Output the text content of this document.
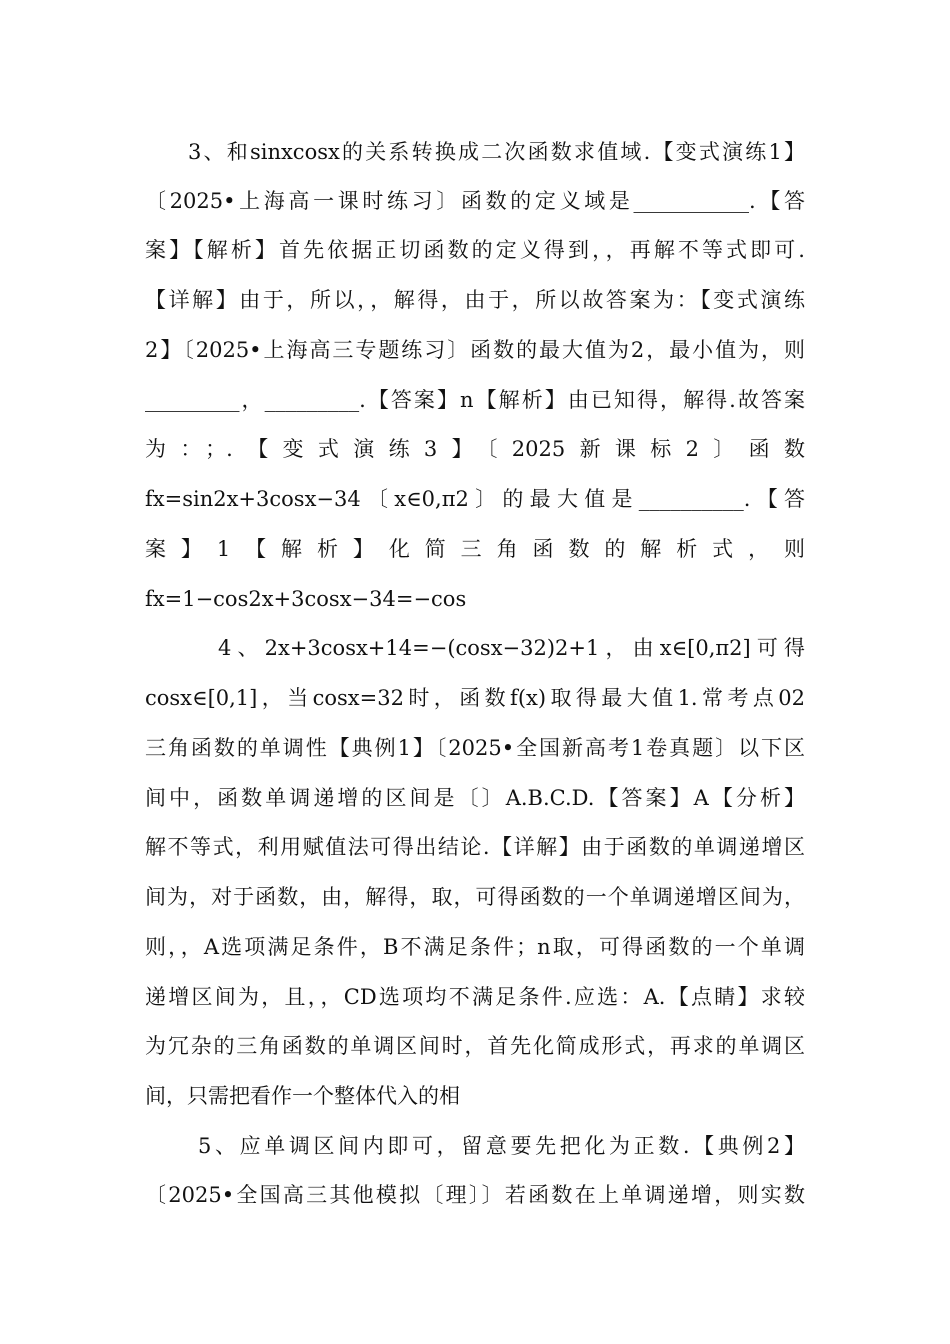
3、和sinxcosx的关系转换成二次函数求值域.【变式演练1】
〔2025•上海高一课时练习〕函数的定义域是___________.【答
案】【解析】首先依据正切函数的定义得到，，再解不等式即可.
【详解】由于，所以，，解得，由于，所以故答案为：【变式演练
2】〔2025•上海高三专题练习〕函数的最大值为2，最小值为，则
_________，_________.【答案】n【解析】由已知得，解得.故答案
为：；.【变式演练3】〔2025新课标2〕函数
fx=sin2x+3cosx−34〔x∈0,π2〕的最大值是__________.【答
案】1【解析】化简三角函数的解析式，则
fx=1−cos2x+3cosx−34=−cos
4、2x+3cosx+14=−(cosx−32)2+1，由x∈[0,π2]可得
cosx∈[0,1]，当cosx=32时，函数f(x)取得最大值1.常考点02
三角函数的单调性【典例1】〔2025•全国新高考1卷真题〕以下区
间中，函数单调递增的区间是〔〕A.B.C.D.【答案】A【分析】
解不等式，利用赋值法可得出结论.【详解】由于函数的单调递增区
间为，对于函数，由，解得，取，可得函数的一个单调递增区间为，
则，，A选项满足条件，B不满足条件；n取，可得函数的一个单调
递增区间为，且，，CD选项均不满足条件.应选：A.【点睛】求较
为冗杂的三角函数的单调区间时，首先化简成形式，再求的单调区
间，只需把看作一个整体代入的相
5、应单调区间内即可，留意要先把化为正数.【典例2】
〔2025•全国高三其他模拟〔理〕〕若函数在上单调递增，则实数
